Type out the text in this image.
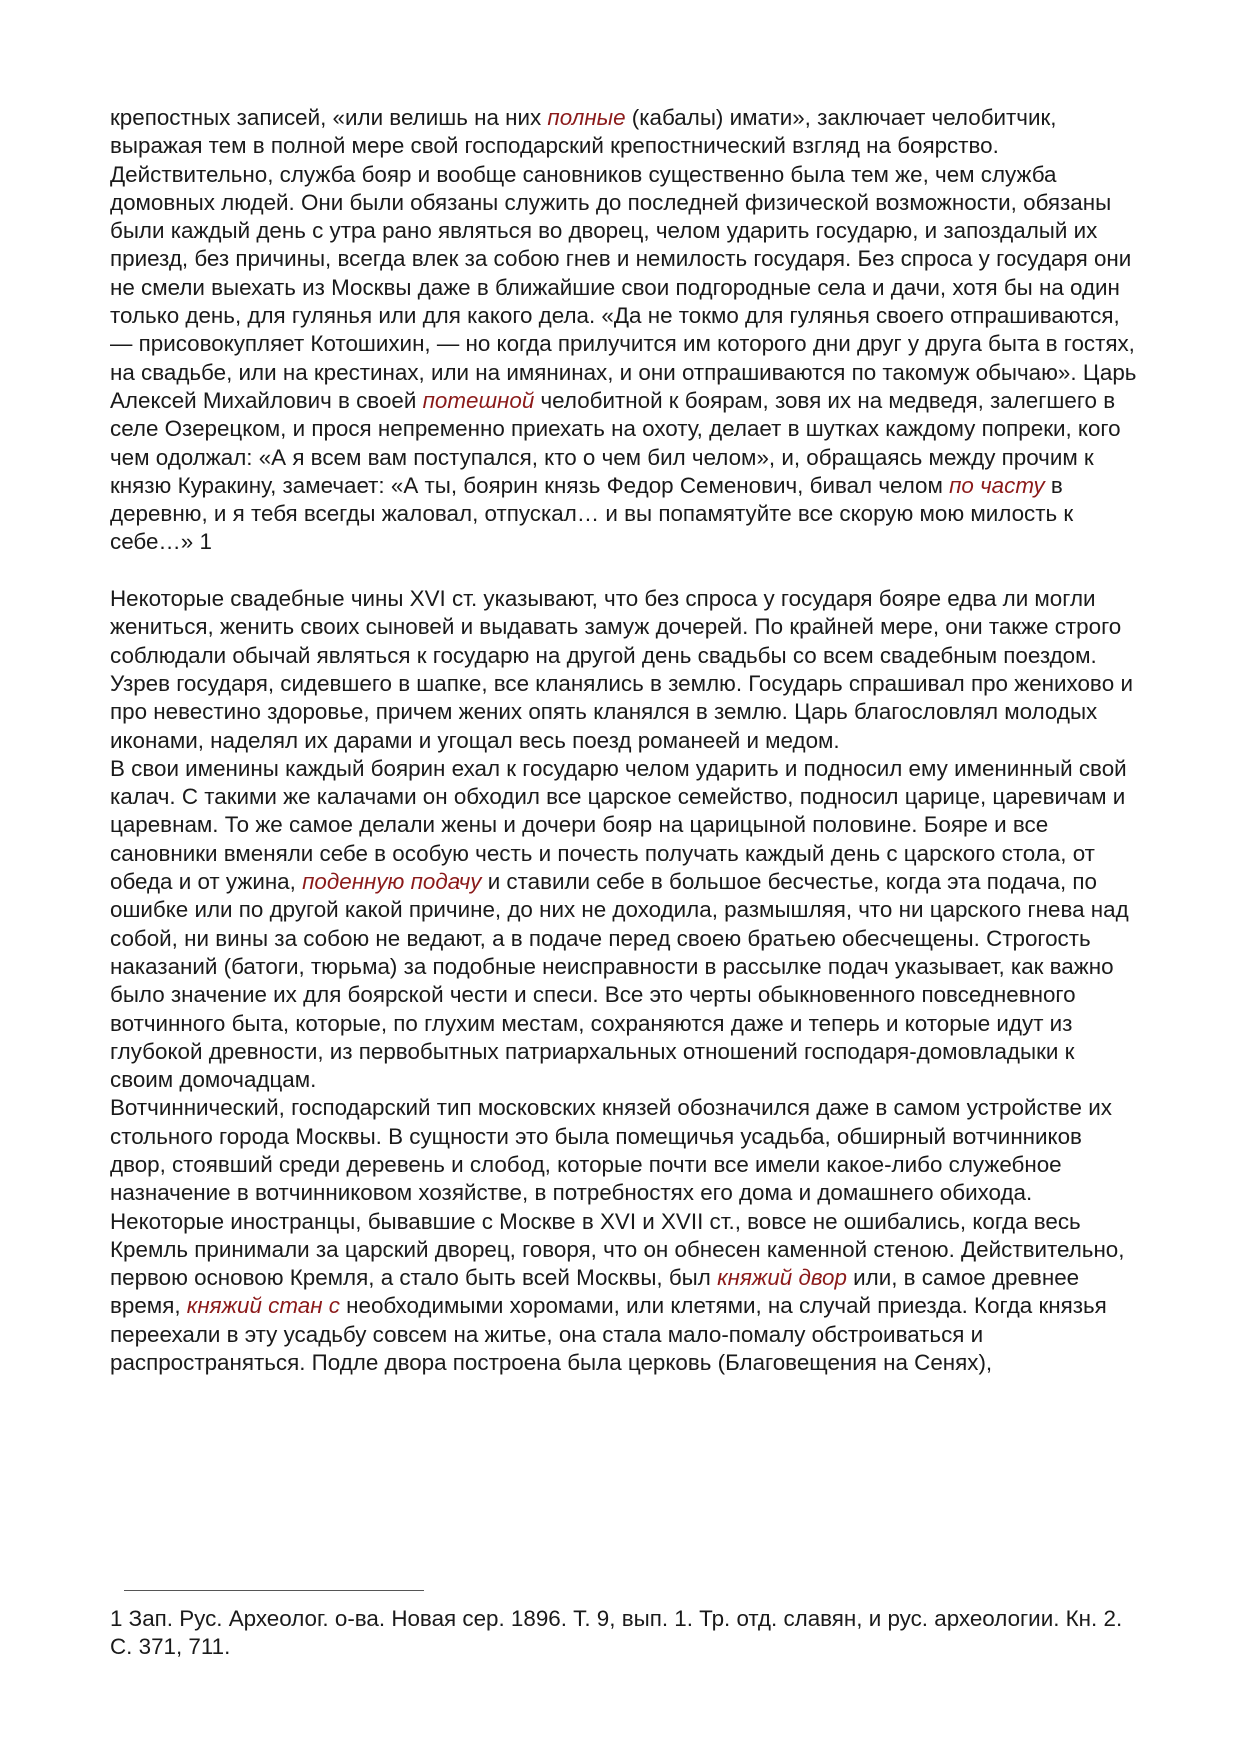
крепостных записей, «или велишь на них полные (кабалы) имати», заключает челобитчик, выражая тем в полной мере свой господарский крепостнический взгляд на боярство.

Действительно, служба бояр и вообще сановников существенно была тем же, чем служба домовных людей. Они были обязаны служить до последней физической возможности, обязаны были каждый день с утра рано являться во дворец, челом ударить государю, и запоздалый их приезд, без причины, всегда влек за собою гнев и немилость государя. Без спроса у государя они не смели выехать из Москвы даже в ближайшие свои подгородные села и дачи, хотя бы на один только день, для гулянья или для какого дела. «Да не токмо для гулянья своего отпрашиваются, — присовокупляет Котошихин, — но когда прилучится им которого дни друг у друга быта в гостях, на свадьбе, или на крестинах, или на имянинах, и они отпрашиваются по такомуж обычаю». Царь Алексей Михайлович в своей потешной челобитной к боярам, зовя их на медведя, залегшего в селе Озерецком, и прося непременно приехать на охоту, делает в шутках каждому попреки, кого чем одолжал: «А я всем вам поступался, кто о чем бил челом», и, обращаясь между прочим к князю Куракину, замечает: «А ты, боярин князь Федор Семенович, бивал челом по часту в деревню, и я тебя всегды жаловал, отпускал… и вы попамятуйте все скорую мою милость к себе…» 1

Некоторые свадебные чины XVI ст. указывают, что без спроса у государя бояре едва ли могли жениться, женить своих сыновей и выдавать замуж дочерей. По крайней мере, они также строго соблюдали обычай являться к государю на другой день свадьбы со всем свадебным поездом. Узрев государя, сидевшего в шапке, все кланялись в землю. Государь спрашивал про жениховo и про невестино здоровье, причем жених опять кланялся в землю. Царь благословлял молодых иконами, наделял их дарами и угощал весь поезд романеей и медом.

В свои именины каждый боярин ехал к государю челом ударить и подносил ему именинный свой калач. С такими же калачами он обходил все царское семейство, подносил царице, царевичам и царевнам. То же самое делали жены и дочери бояр на царицыной половине. Бояре и все сановники вменяли себе в особую честь и почесть получать каждый день с царского стола, от обеда и от ужина, поденную подачу и ставили себе в большое бесчестье, когда эта подача, по ошибке или по другой какой причине, до них не доходила, размышляя, что ни царского гнева над собой, ни вины за собою не ведают, а в подаче перед своею братьею обесчещены. Строгость наказаний (батоги, тюрьма) за подобные неисправности в рассылке подач указывает, как важно было значение их для боярской чести и спеси. Все это черты обыкновенного повседневного вотчинного быта, которые, по глухим местам, сохраняются даже и теперь и которые идут из глубокой древности, из первобытных патриархальных отношений господаря-домовладыки к своим домочадцам.

Вотчиннический, господарский тип московских князей обозначился даже в самом устройстве их стольного города Москвы. В сущности это была помещичья усадьба, обширный вотчинников двор, стоявший среди деревень и слобод, которые почти все имели какое-либо служебное назначение в вотчинниковом хозяйстве, в потребностях его дома и домашнего обихода. Некоторые иностранцы, бывавшие с Москве в XVI и XVII ст., вовсе не ошибались, когда весь Кремль принимали за царский дворец, говоря, что он обнесен каменной стеною. Действительно, первою основою Кремля, а стало быть всей Москвы, был княжий двор или, в самое древнее время, княжий стан с необходимыми хоромами, или клетями, на случай приезда. Когда князья переехали в эту усадьбу совсем на житье, она стала мало-помалу обстроиваться и распространяться. Подле двора построена была церковь (Благовещения на Сенях),

1 Зап. Рус. Археолог. о-ва. Новая сер. 1896. Т. 9, вып. 1. Тр. отд. славян, и рус. археологии. Кн. 2. С. 371, 711.
